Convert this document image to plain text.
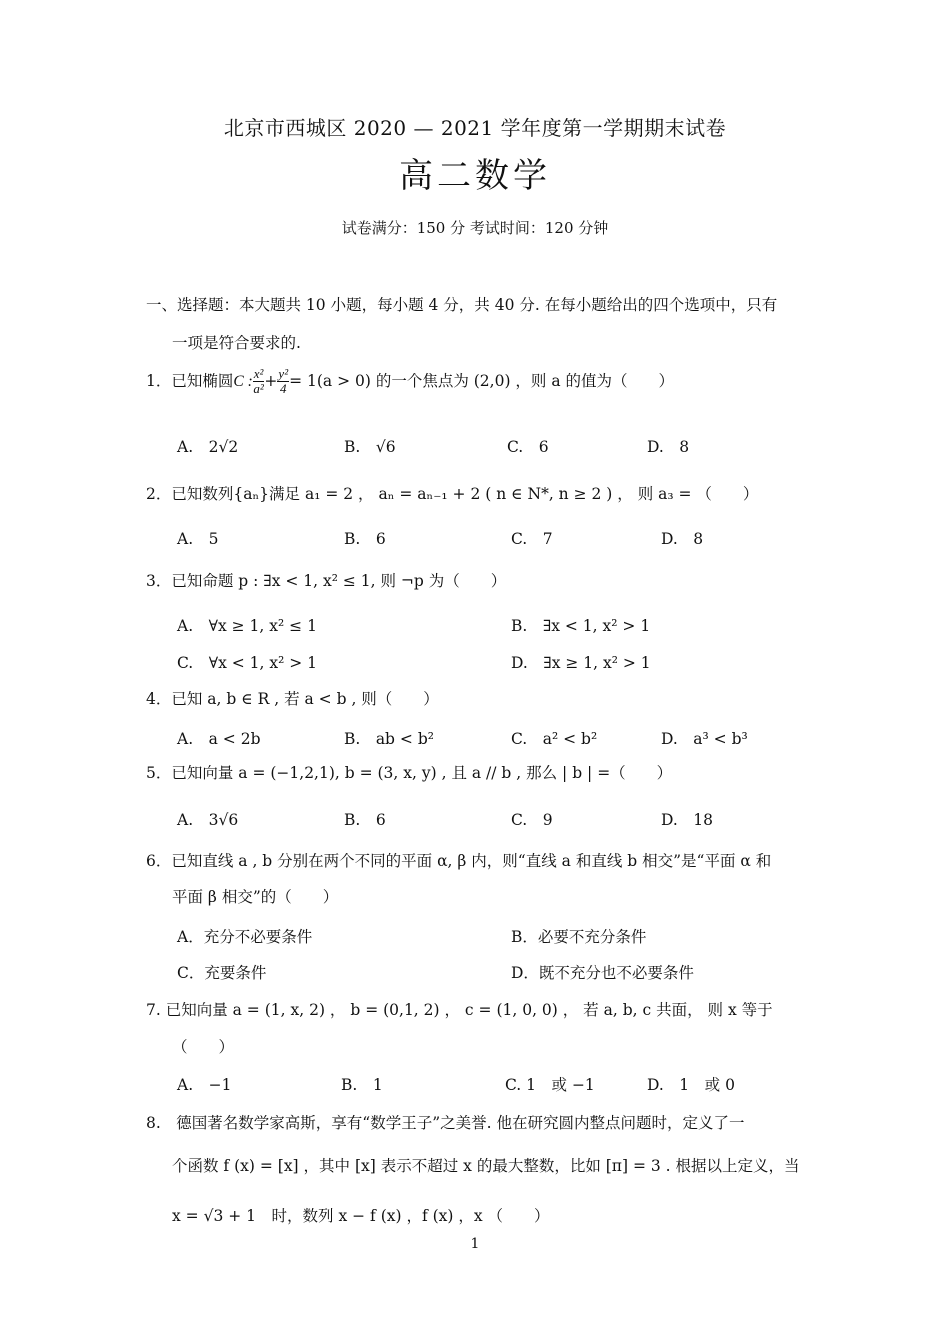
北京市西城区 2020 — 2021 学年度第一学期期末试卷
高二数学
试卷满分：150 分 考试时间：120 分钟
一、选择题：本大题共 10 小题，每小题 4 分，共 40 分. 在每小题给出的四个选项中，只有
一项是符合要求的.
1．已知椭圆C : $\frac{\text{x²}}{\text{a²}} + \frac{\text{y²}}{4} = 1(a > 0)$ 的一个焦点为 (2,0) ，则 a 的值为（　　）
A.　2√2	B.　√6	C.　6	D.　8
2．已知数列{aₙ}满足 a₁ = 2 ， aₙ = aₙ₋₁ + 2 ( n ∈ N*, n ≥ 2 ) ， 则 a₃ = （　　）
A.　5	B.　6	C.　7	D.　8
3．已知命题 p : ∃x < 1, x² ≤ 1, 则 ¬p 为（　　）
A.　∀x ≥ 1, x² ≤ 1	B.　∃x < 1, x² > 1
C.　∀x < 1, x² > 1	D.　∃x ≥ 1, x² > 1
4．已知 a, b ∈ R , 若 a < b , 则（　　）
A.　a < 2b	B.　ab < b²	C.　a² < b²	D.　a³ < b³
5．已知向量 a = (−1,2,1), b = (3, x, y) , 且 a // b , 那么 | b | =（　　）
A.　3√6	B.　6	C.　9	D.　18
6．已知直线 a , b 分别在两个不同的平面 α, β 内，则“直线 a 和直线 b 相交”是“平面 α 和
平面 β 相交”的（　　）
A．充分不必要条件	B．必要不充分条件
C．充要条件	D．既不充分也不必要条件
7. 已知向量 a = (1, x, 2) ， b = (0,1, 2) ， c = (1, 0, 0) ， 若 a, b, c 共面， 则 x 等于
（　　）
A.　−1	B.　1	C. 1　或 −1	D.　1　或 0
8.　德国著名数学家高斯，享有“数学王子”之美誉. 他在研究圆内整点问题时，定义了一
个函数 f (x) = [x] ，其中 [x] 表示不超过 x 的最大整数，比如 [π] = 3 . 根据以上定义，当
x = √3 + 1　时，数列 x − f (x) ，f (x) ，x （　　）
1
